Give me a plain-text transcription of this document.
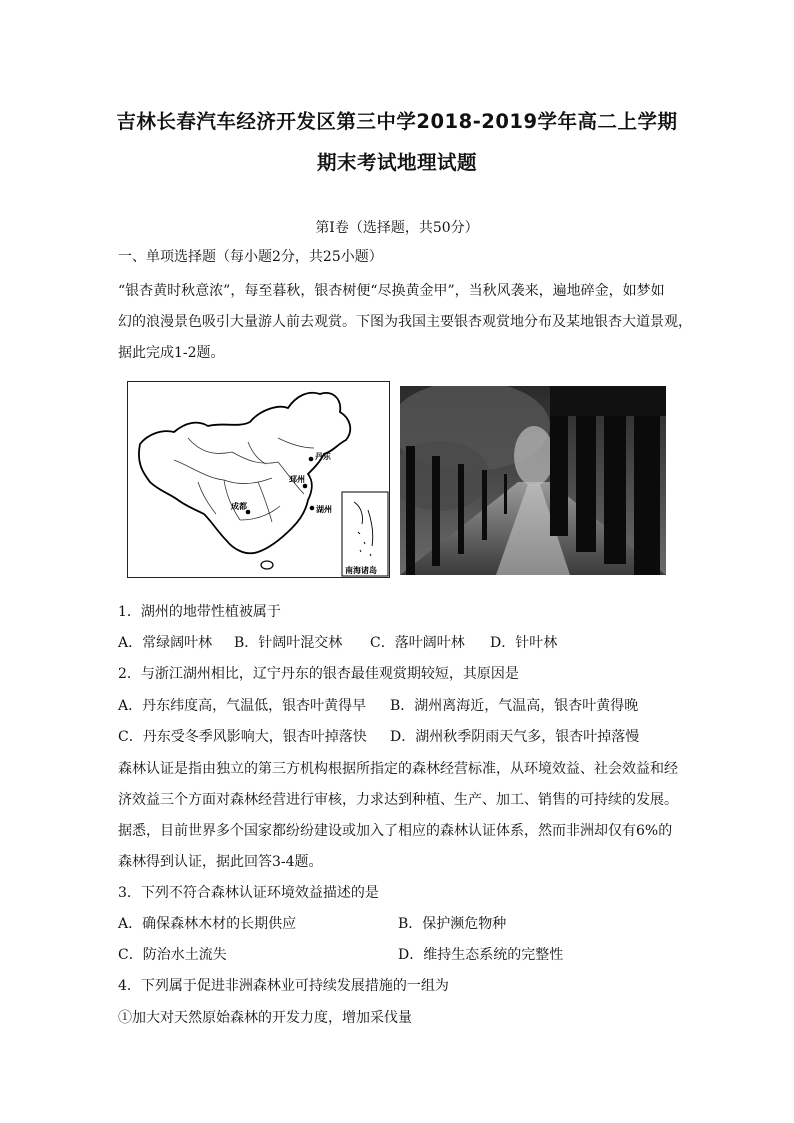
吉林长春汽车经济开发区第三中学2018-2019学年高二上学期
期末考试地理试题
第Ⅰ卷（选择题，共50分）
一、单项选择题（每小题2分，共25小题）
“银杏黄时秋意浓”，每至暮秋，银杏树便“尽换黄金甲”，当秋风袭来，遍地碎金，如梦如
幻的浪漫景色吸引大量游人前去观赏。下图为我国主要银杏观赏地分布及某地银杏大道景观，
据此完成1-2题。
丹东
邳州
成都	湖州
南海诸岛
1．湖州的地带性植被属于
A．常绿阔叶林 B．针阔叶混交林 C．落叶阔叶林 D．针叶林
2．与浙江湖州相比，辽宁丹东的银杏最佳观赏期较短，其原因是
A．丹东纬度高，气温低，银杏叶黄得早 B．湖州离海近，气温高，银杏叶黄得晚
C．丹东受冬季风影响大，银杏叶掉落快 D．湖州秋季阴雨天气多，银杏叶掉落慢
森林认证是指由独立的第三方机构根据所指定的森林经营标准，从环境效益、社会效益和经
济效益三个方面对森林经营进行审核，力求达到种植、生产、加工、销售的可持续的发展。
据悉，目前世界多个国家都纷纷建设或加入了相应的森林认证体系，然而非洲却仅有6%的
森林得到认证，据此回答3-4题。
3．下列不符合森林认证环境效益描述的是
A．确保森林木材的长期供应	B．保护濒危物种
C．防治水土流失	D．维持生态系统的完整性
4．下列属于促进非洲森林业可持续发展措施的一组为
①加大对天然原始森林的开发力度，增加采伐量
